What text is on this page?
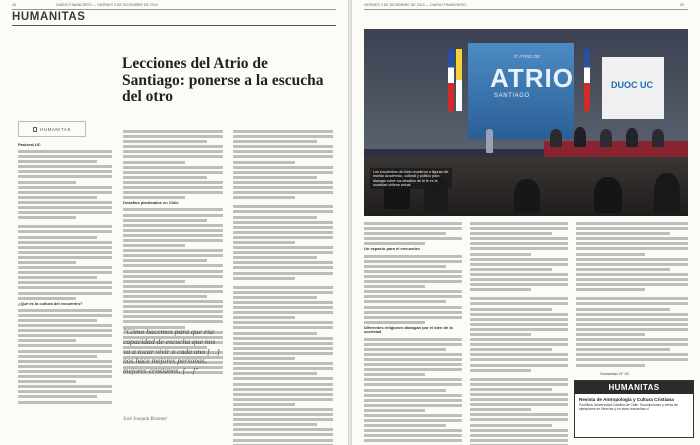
28	DIARIO FINANCIERO — VIERNES 3 DE DICIEMBRE DE 2010
HUMANITAS
Lecciones del Atrio de Santiago: ponerse a la escucha del otro
HUMANITAS
Pastoral UC
¿Qué es la cultura del encuentro?
Desafíos planteados en Chile
"Cómo hacemos para que esa capacidad de escucha que nos va a tocar vivir a cada uno […] nos hace mejores personas, mejores cristianos, […]"
José Joaquín Brunner
VIERNES 3 DE DICIEMBRE DE 2010 — DIARIO FINANCIERO	29
2º ATRIO DE
ATRIO
SANTIAGO
DUOC UC
Los encuentros del Atrio reunieron a figuras del mundo académico, cultural y político para dialogar sobre los desafíos de la fe en la sociedad chilena actual.
Un espacio para el encuentro
Diferentes religiones dialogan por el bien de la sociedad
Humanitas N° 60
HUMANITAS
Revista de Antropología y Cultura Cristiana
Pontificia Universidad Católica de Chile. Suscripciones y venta de ejemplares en librerías y en www.humanitas.cl
